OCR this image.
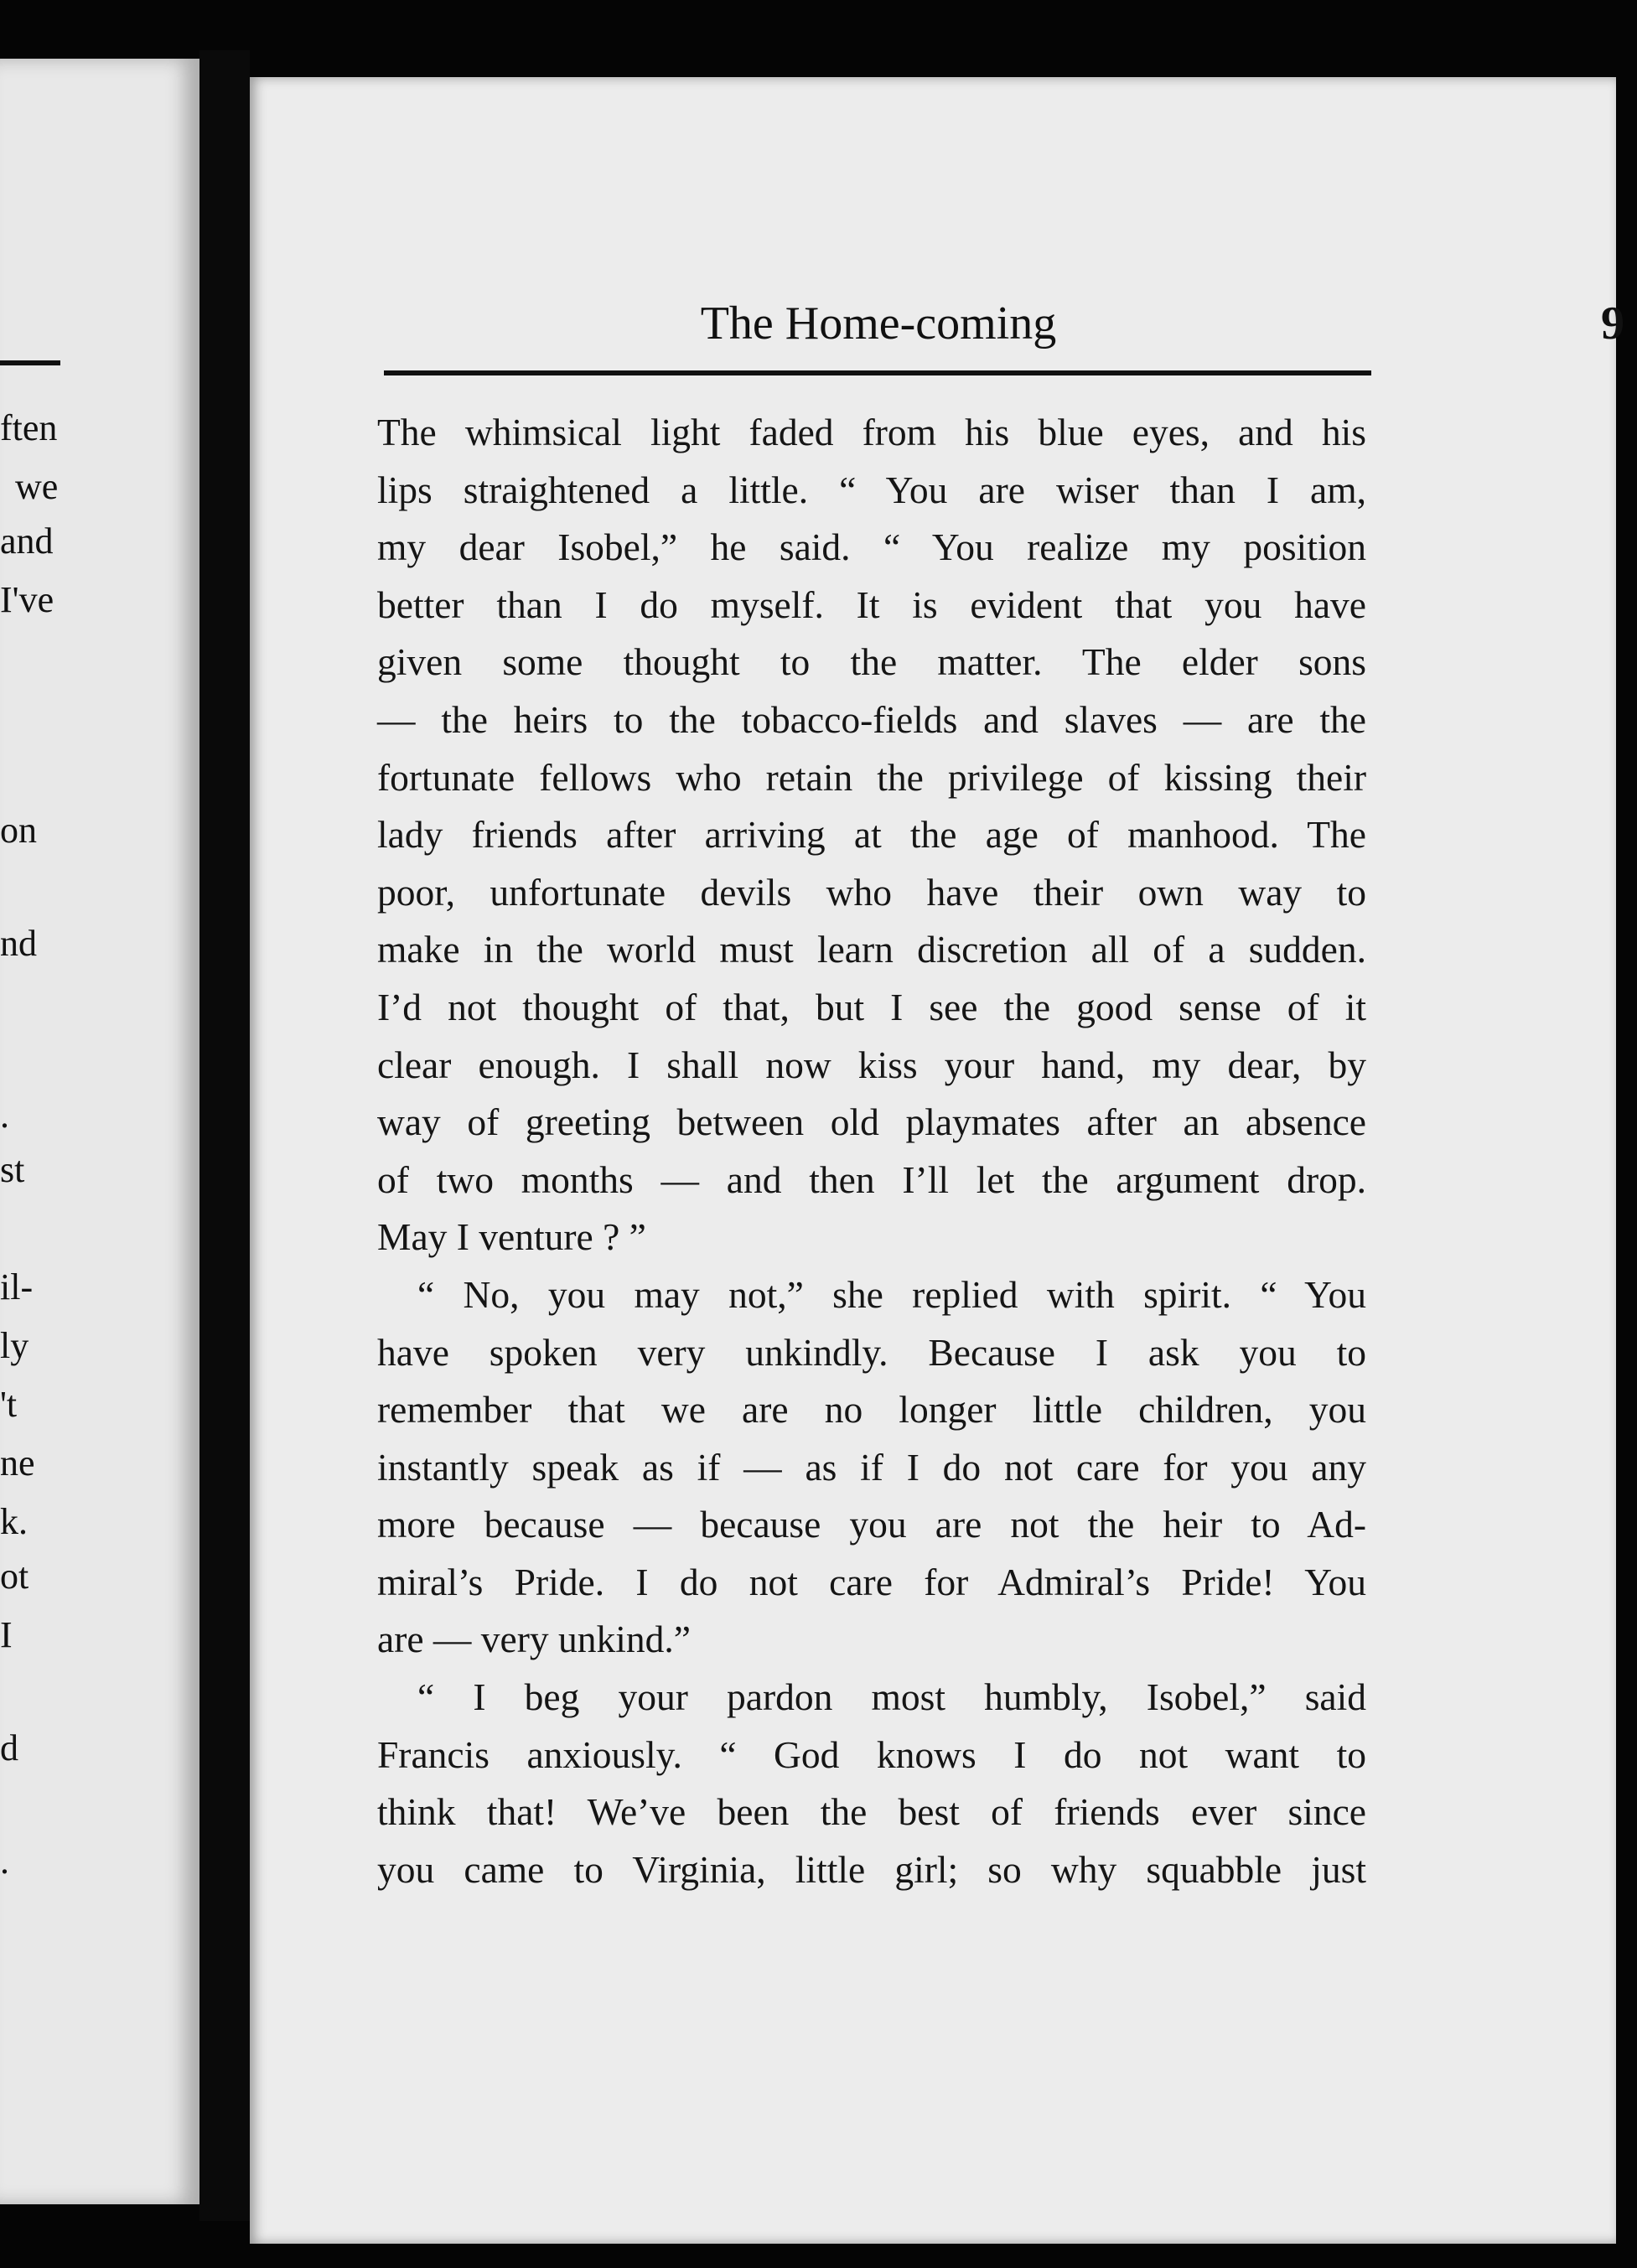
ften
we
and
I've
on
nd
.
st
il-
ly
't
ne
k.
ot
I
d
.
The Home-coming	9
The whimsical light faded from his blue eyes, and his
lips straightened a little. “ You are wiser than I am,
my dear Isobel,” he said. “ You realize my position
better than I do myself. It is evident that you have
given some thought to the matter. The elder sons
— the heirs to the tobacco-fields and slaves — are the
fortunate fellows who retain the privilege of kissing their
lady friends after arriving at the age of manhood. The
poor, unfortunate devils who have their own way to
make in the world must learn discretion all of a sudden.
I’d not thought of that, but I see the good sense of it
clear enough. I shall now kiss your hand, my dear, by
way of greeting between old playmates after an absence
of two months — and then I’ll let the argument drop.
May I venture ? ”
“ No, you may not,” she replied with spirit. “ You
have spoken very unkindly. Because I ask you to
remember that we are no longer little children, you
instantly speak as if — as if I do not care for you any
more because — because you are not the heir to Ad-
miral’s Pride. I do not care for Admiral’s Pride! You
are — very unkind.”
“ I beg your pardon most humbly, Isobel,” said
Francis anxiously. “ God knows I do not want to
think that! We’ve been the best of friends ever since
you came to Virginia, little girl; so why squabble just
